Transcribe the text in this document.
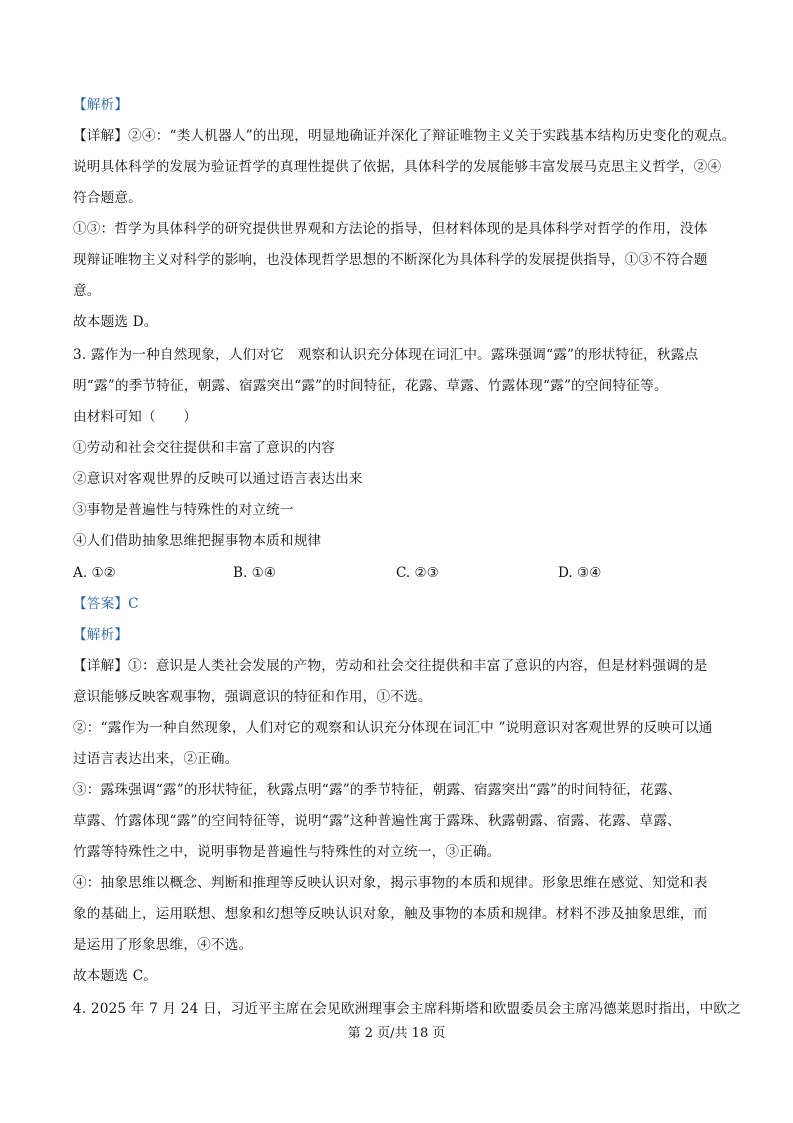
【解析】
【详解】②④：“类人机器人”的出现，明显地确证并深化了辩证唯物主义关于实践基本结构历史变化的观点。
说明具体科学的发展为验证哲学的真理性提供了依据，具体科学的发展能够丰富发展马克思主义哲学，②④
符合题意。
①③：哲学为具体科学的研究提供世界观和方法论的指导，但材料体现的是具体科学对哲学的作用，没体
现辩证唯物主义对科学的影响，也没体现哲学思想的不断深化为具体科学的发展提供指导，①③不符合题
意。
故本题选 D。
3. 露作为一种自然现象，人们对它　观察和认识充分体现在词汇中。露珠强调“露”的形状特征，秋露点
明“露”的季节特征，朝露、宿露突出“露”的时间特征，花露、草露、竹露体现“露”的空间特征等。
由材料可知（　　）
①劳动和社会交往提供和丰富了意识的内容
②意识对客观世界的反映可以通过语言表达出来
③事物是普遍性与特殊性的对立统一
④人们借助抽象思维把握事物本质和规律
A. ①②	B. ①④	C. ②③	D. ③④
【答案】C
【解析】
【详解】①：意识是人类社会发展的产物，劳动和社会交往提供和丰富了意识的内容，但是材料强调的是
意识能够反映客观事物，强调意识的特征和作用，①不选。
②：“露作为一种自然现象，人们对它的观察和认识充分体现在词汇中 ”说明意识对客观世界的反映可以通
过语言表达出来，②正确。
③：露珠强调“露”的形状特征，秋露点明“露”的季节特征，朝露、宿露突出“露”的时间特征，花露、
草露、竹露体现“露”的空间特征等，说明“露”这种普遍性寓于露珠、秋露朝露、宿露、花露、草露、
竹露等特殊性之中，说明事物是普遍性与特殊性的对立统一，③正确。
④：抽象思维以概念、判断和推理等反映认识对象，揭示事物的本质和规律。形象思维在感觉、知觉和表
象的基础上，运用联想、想象和幻想等反映认识对象，触及事物的本质和规律。材料不涉及抽象思维，而
是运用了形象思维，④不选。
故本题选 C。
4. 2025 年 7 月 24 日，习近平主席在会见欧洲理事会主席科斯塔和欧盟委员会主席冯德莱恩时指出，中欧之
第 2 页/共 18 页
